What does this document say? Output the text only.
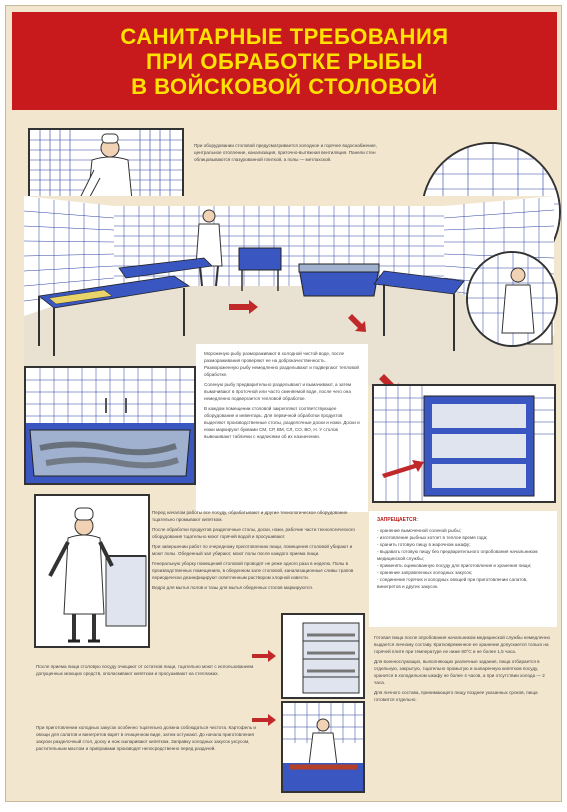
САНИТАРНЫЕ ТРЕБОВАНИЯ
ПРИ ОБРАБОТКЕ РЫБЫ
В ВОЙСКОВОЙ СТОЛОВОЙ

При оборудовании столовой предусматривается холодное и горячее водоснабжение, центральное отопление, канализация, приточно-вытяжная вентиляция. Панели стен облицовываются глазурованной плиткой, а полы — метлахской.

Мороженую рыбу размораживают в холодной чистой воде, после размораживания проверяют ее на доброкачественность. Размороженную рыбу немедленно разделывают и подвергают тепловой обработке.

Соленую рыбу предварительно разделывают и вымачивают, а затем вымачивают в проточной или часто сменяемой воде, после чего она немедленно подвергается тепловой обработке.

В каждом помещении столовой закрепляют соответствующее оборудование и инвентарь. Для первичной обработки продуктов выделяют производственные столы, разделочные доски и ножи. Доски и ножи маркируют буквами СМ, СР, ВМ, СЛ, СО, ВО, Н. У столов вывешивают таблички с надписями об их назначении.

Перед началом работы все посуду, обрабатывают и другие технологическое оборудование тщательно промывают кипятком.

После обработки продуктов разделочные столы, доски, ножи, рабочие части технологического оборудования тщательно моют горячей водой и просушивают.

При завершении работ по очередному приготовлению пищи, помещения столовой убирают и моют полы. Обеденный зал убирают, моют полы после каждого приема пищи.

Генеральную уборку помещений столовой проводят не реже одного раза в неделю. Полы в производственных помещениях, в обеденном зале столовой, канализационные сливы трапов периодически дезинфицируют осветленным раствором хлорной извести.

Ведро для мытья полов и тазы для мытья обеденных столов маркируются.

ЗАПРЕЩАЕТСЯ:

- хранение вымоченной соленой рыбы;
- изготовление рыбных котлет в теплое время года;
- хранить готовую пищу в жарочном шкафу;
- выдавать готовую пищу без предварительного опробования начальником медицинской службы;
- применять оцинкованную посуду для приготовления и хранения пищи;
- хранение заправленных холодных закусок;
- соединение горячих и холодных овощей при приготовлении салатов, винегретов и других закусок.

После приема пищи столовую посуду очищают от остатков пищи, тщательно моют с использованием допущенных моющих средств, ополаскивают кипятком и просушивают на стеллажах.

При приготовлении холодных закусок особенно тщательно должна соблюдаться чистота. Картофель и овощи для салатов и винегретов варят в очищенном виде, затем остужают. До начала приготовления закуски разделочный стол, доску и нож ошпаривают кипятком. Заправку холодных закусок уксусом, растительным маслом и приправами производят непосредственно перед раздачей.

Готовая пища после опробования начальником медицинской службы немедленно выдается личному составу. Кратковременное ее хранение допускается только на горячей плите при температуре не ниже 80°С и не более 1,5 часа.

Для военнослужащих, выполняющих различные задания, пища отбирается в отдельную, закрытую, тщательно промытую и ошпаренную кипятком посуду, хранится в холодильном шкафу не более 4 часов, а при отсутствии холода — 2 часа.

Для личного состава, принимающего пищу позднее указанных сроков, пища готовится отдельно.
